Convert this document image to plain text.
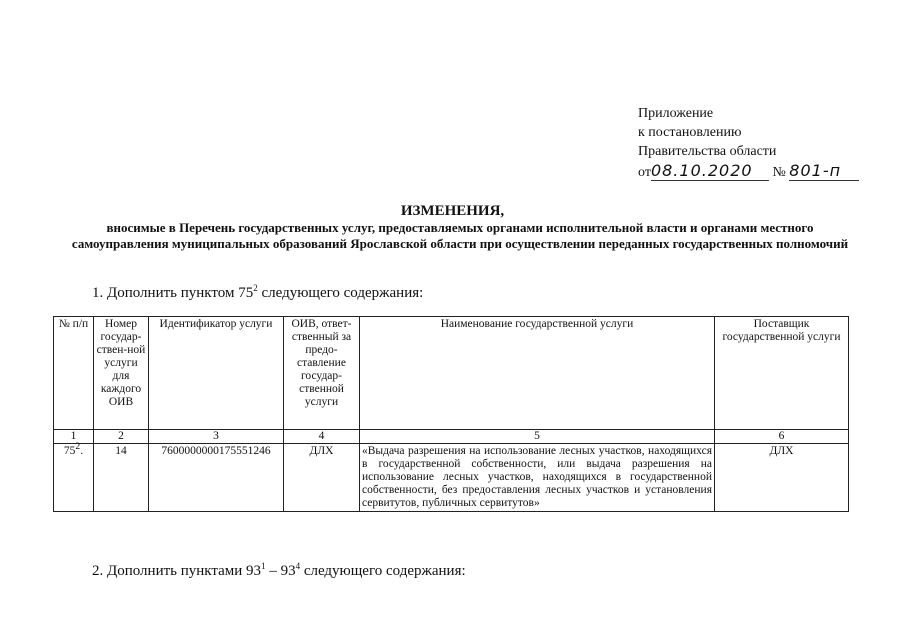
Приложение
к постановлению
Правительства области
от08.10.2020 № 801-п
ИЗМЕНЕНИЯ,
вносимые в Перечень государственных услуг, предоставляемых органами исполнительной власти и органами местного самоуправления муниципальных образований Ярославской области при осуществлении переданных государственных полномочий
1. Дополнить пунктом $75^2$ следующего содержания:
№ п/п	Номер государ-ствен-ной услуги для каждого ОИВ	Идентификатор услуги	ОИВ, ответ-ственный за предо-ставление государ-ственной услуги	Наименование государственной услуги	Поставщик государственной услуги
1	2	3	4	5	6
$75^2$.	14	7600000000175551246	ДЛХ	«Выдача разрешения на использование лесных участков, находящихся в государственной собственности, или выдача разрешения на использование лесных участков, находящихся в государственной собственности, без предоставления лесных участков и установления сервитутов, публичных сервитутов»	ДЛХ
2. Дополнить пунктами $93^1 - 93^4$ следующего содержания:
